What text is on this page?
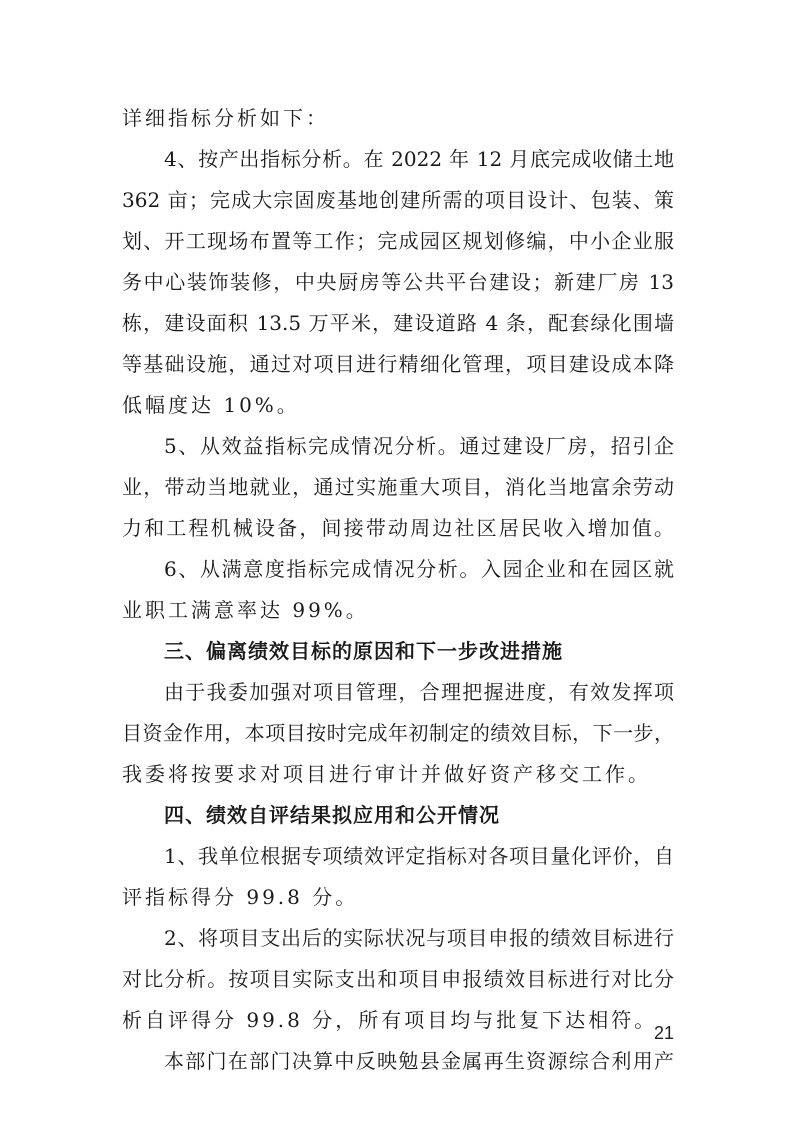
详细指标分析如下：

4、按产出指标分析。在 2022 年 12 月底完成收储土地

362 亩；完成大宗固废基地创建所需的项目设计、包装、策

划、开工现场布置等工作；完成园区规划修编，中小企业服

务中心装饰装修，中央厨房等公共平台建设；新建厂房 13

栋，建设面积 13.5 万平米，建设道路 4 条，配套绿化围墙

等基础设施，通过对项目进行精细化管理，项目建设成本降

低幅度达 10%。

5、从效益指标完成情况分析。通过建设厂房，招引企

业，带动当地就业，通过实施重大项目，消化当地富余劳动

力和工程机械设备，间接带动周边社区居民收入增加值。

6、从满意度指标完成情况分析。入园企业和在园区就

业职工满意率达 99%。

三、偏离绩效目标的原因和下一步改进措施

由于我委加强对项目管理，合理把握进度，有效发挥项

目资金作用，本项目按时完成年初制定的绩效目标，下一步，

我委将按要求对项目进行审计并做好资产移交工作。

四、绩效自评结果拟应用和公开情况

1、我单位根据专项绩效评定指标对各项目量化评价，自

评指标得分 99.8 分。

2、将项目支出后的实际状况与项目申报的绩效目标进行

对比分析。按项目实际支出和项目申报绩效目标进行对比分

析自评得分 99.8 分，所有项目均与批复下达相符。

本部门在部门决算中反映勉县金属再生资源综合利用产

21
